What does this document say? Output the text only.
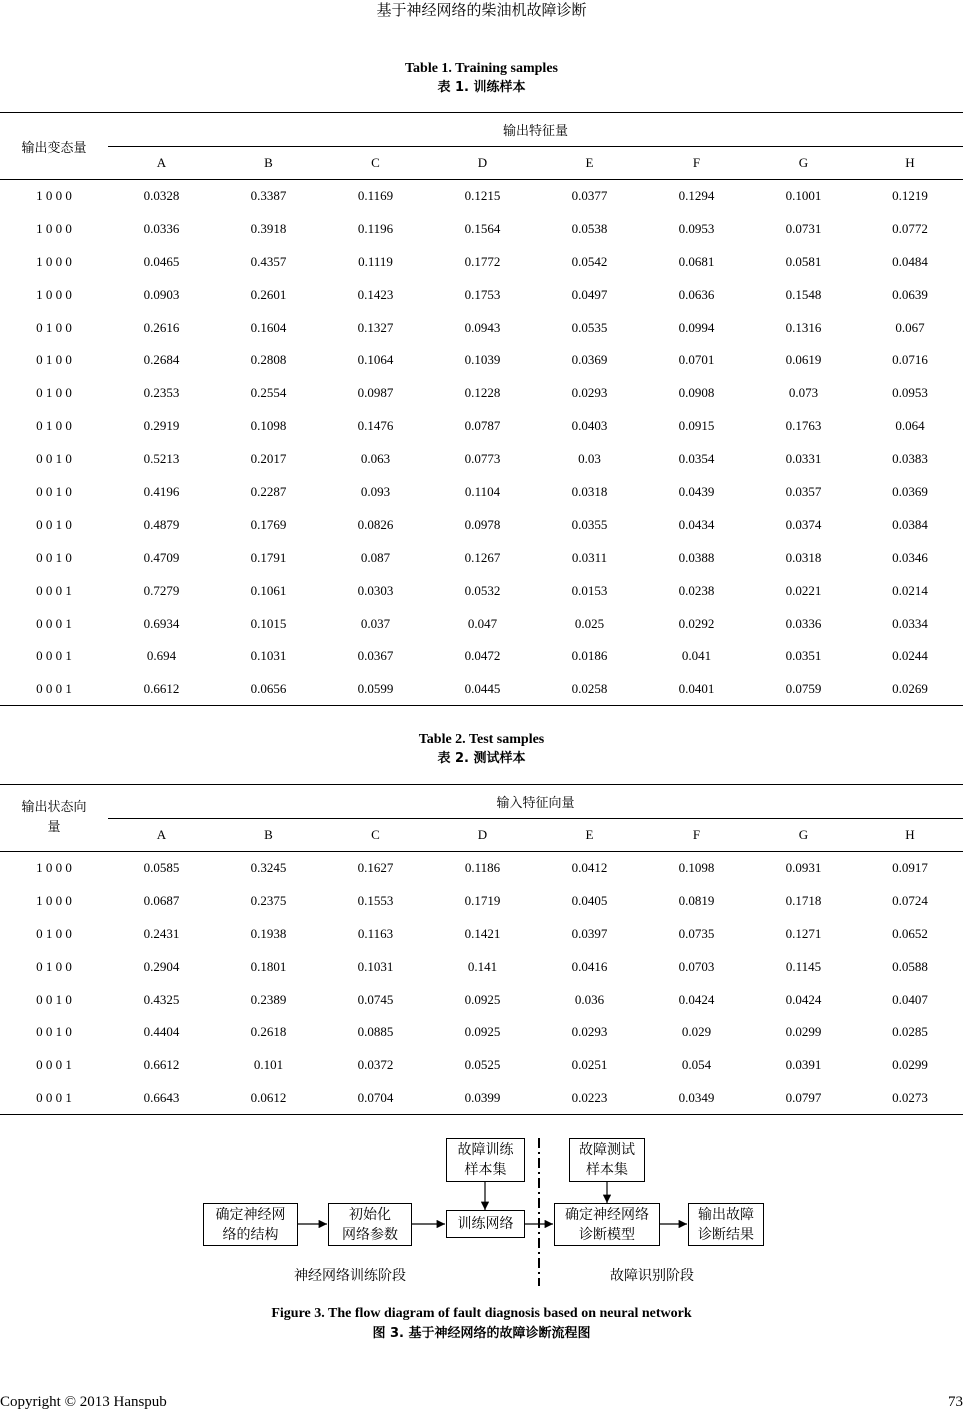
基于神经网络的柴油机故障诊断
Table 1. Training samples
表 1. 训练样本
输出变态量	输出特征量							
	A	B	C	D	E	F	G	H
1 0 0 0	0.0328	0.3387	0.1169	0.1215	0.0377	0.1294	0.1001	0.1219
1 0 0 0	0.0336	0.3918	0.1196	0.1564	0.0538	0.0953	0.0731	0.0772
1 0 0 0	0.0465	0.4357	0.1119	0.1772	0.0542	0.0681	0.0581	0.0484
1 0 0 0	0.0903	0.2601	0.1423	0.1753	0.0497	0.0636	0.1548	0.0639
0 1 0 0	0.2616	0.1604	0.1327	0.0943	0.0535	0.0994	0.1316	0.067
0 1 0 0	0.2684	0.2808	0.1064	0.1039	0.0369	0.0701	0.0619	0.0716
0 1 0 0	0.2353	0.2554	0.0987	0.1228	0.0293	0.0908	0.073	0.0953
0 1 0 0	0.2919	0.1098	0.1476	0.0787	0.0403	0.0915	0.1763	0.064
0 0 1 0	0.5213	0.2017	0.063	0.0773	0.03	0.0354	0.0331	0.0383
0 0 1 0	0.4196	0.2287	0.093	0.1104	0.0318	0.0439	0.0357	0.0369
0 0 1 0	0.4879	0.1769	0.0826	0.0978	0.0355	0.0434	0.0374	0.0384
0 0 1 0	0.4709	0.1791	0.087	0.1267	0.0311	0.0388	0.0318	0.0346
0 0 0 1	0.7279	0.1061	0.0303	0.0532	0.0153	0.0238	0.0221	0.0214
0 0 0 1	0.6934	0.1015	0.037	0.047	0.025	0.0292	0.0336	0.0334
0 0 0 1	0.694	0.1031	0.0367	0.0472	0.0186	0.041	0.0351	0.0244
0 0 0 1	0.6612	0.0656	0.0599	0.0445	0.0258	0.0401	0.0759	0.0269
Table 2. Test samples
表 2. 测试样本
输出状态向
量	输入特征向量							
	A	B	C	D	E	F	G	H
1 0 0 0	0.0585	0.3245	0.1627	0.1186	0.0412	0.1098	0.0931	0.0917
1 0 0 0	0.0687	0.2375	0.1553	0.1719	0.0405	0.0819	0.1718	0.0724
0 1 0 0	0.2431	0.1938	0.1163	0.1421	0.0397	0.0735	0.1271	0.0652
0 1 0 0	0.2904	0.1801	0.1031	0.141	0.0416	0.0703	0.1145	0.0588
0 0 1 0	0.4325	0.2389	0.0745	0.0925	0.036	0.0424	0.0424	0.0407
0 0 1 0	0.4404	0.2618	0.0885	0.0925	0.0293	0.029	0.0299	0.0285
0 0 0 1	0.6612	0.101	0.0372	0.0525	0.0251	0.054	0.0391	0.0299
0 0 0 1	0.6643	0.0612	0.0704	0.0399	0.0223	0.0349	0.0797	0.0273
确定神经网
络的结构
初始化
网络参数
训练网络
故障训练
样本集
故障测试
样本集
确定神经网络
诊断模型
输出故障
诊断结果
神经网络训练阶段	故障识别阶段
Figure 3. The flow diagram of fault diagnosis based on neural network
图 3. 基于神经网络的故障诊断流程图
Copyright © 2013 Hanspub	73
